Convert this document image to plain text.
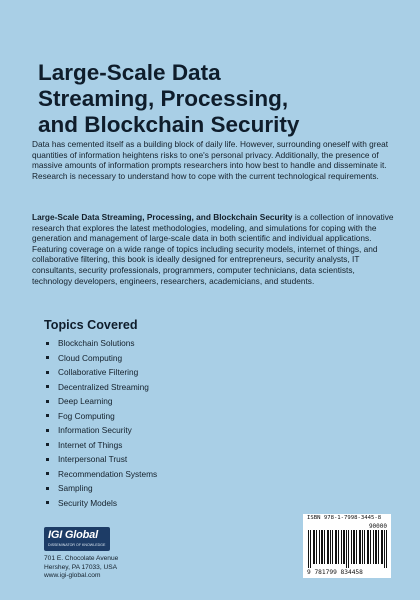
Large-Scale Data
Streaming, Processing,
and Blockchain Security

Data has cemented itself as a building block of daily life. However, surrounding oneself with great quantities of information heightens risks to one's personal privacy. Additionally, the presence of massive amounts of information prompts researchers into how best to handle and disseminate it. Research is necessary to understand how to cope with the current technological requirements.

Large-Scale Data Streaming, Processing, and Blockchain Security is a collection of innovative research that explores the latest methodologies, modeling, and simulations for coping with the generation and management of large-scale data in both scientific and individual applications. Featuring coverage on a wide range of topics including security models, internet of things, and collaborative filtering, this book is ideally designed for entrepreneurs, security analysts, IT consultants, security professionals, programmers, computer technicians, data scientists, technology developers, engineers, researchers, academicians, and students.

Topics Covered
Blockchain Solutions
Cloud Computing
Collaborative Filtering
Decentralized Streaming
Deep Learning
Fog Computing
Information Security
Internet of Things
Interpersonal Trust
Recommendation Systems
Sampling
Security Models
IGI Global
DISSEMINATOR OF KNOWLEDGE

701 E. Chocolate Avenue
Hershey, PA 17033, USA
www.igi-global.com

ISBN 978-1-7998-3445-8
90000
9 781799 834458
